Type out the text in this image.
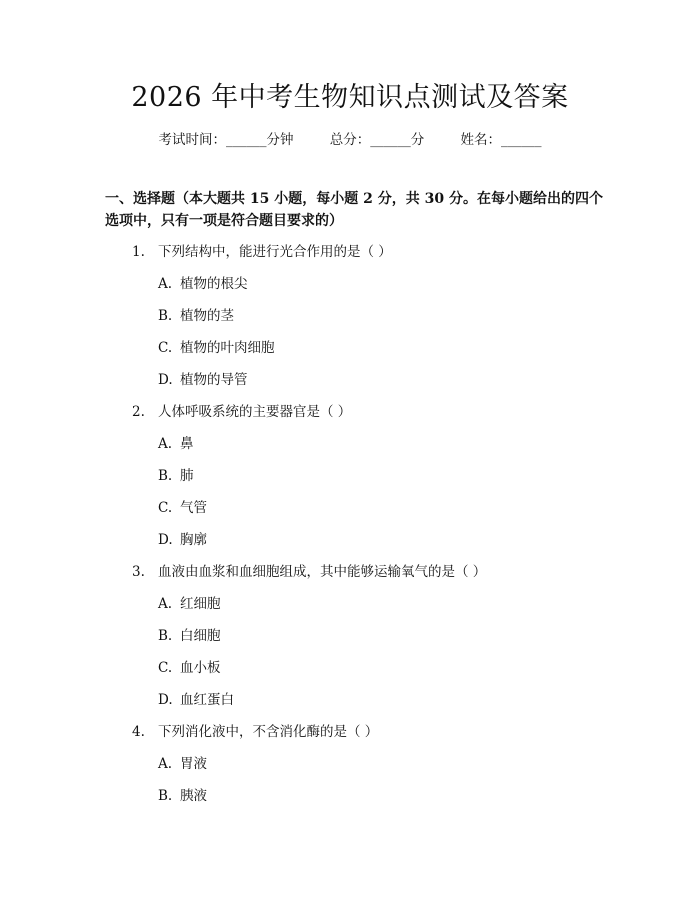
2026 年中考生物知识点测试及答案
考试时间：______分钟	总分：______分	姓名：______
一、选择题（本大题共 15 小题，每小题 2 分，共 30 分。在每小题给出的四个选项中，只有一项是符合题目要求的）
1. 下列结构中，能进行光合作用的是（ ）
A. 植物的根尖
B. 植物的茎
C. 植物的叶肉细胞
D. 植物的导管
2. 人体呼吸系统的主要器官是（ ）
A. 鼻
B. 肺
C. 气管
D. 胸廓
3. 血液由血浆和血细胞组成，其中能够运输氧气的是（ ）
A. 红细胞
B. 白细胞
C. 血小板
D. 血红蛋白
4. 下列消化液中，不含消化酶的是（ ）
A. 胃液
B. 胰液
